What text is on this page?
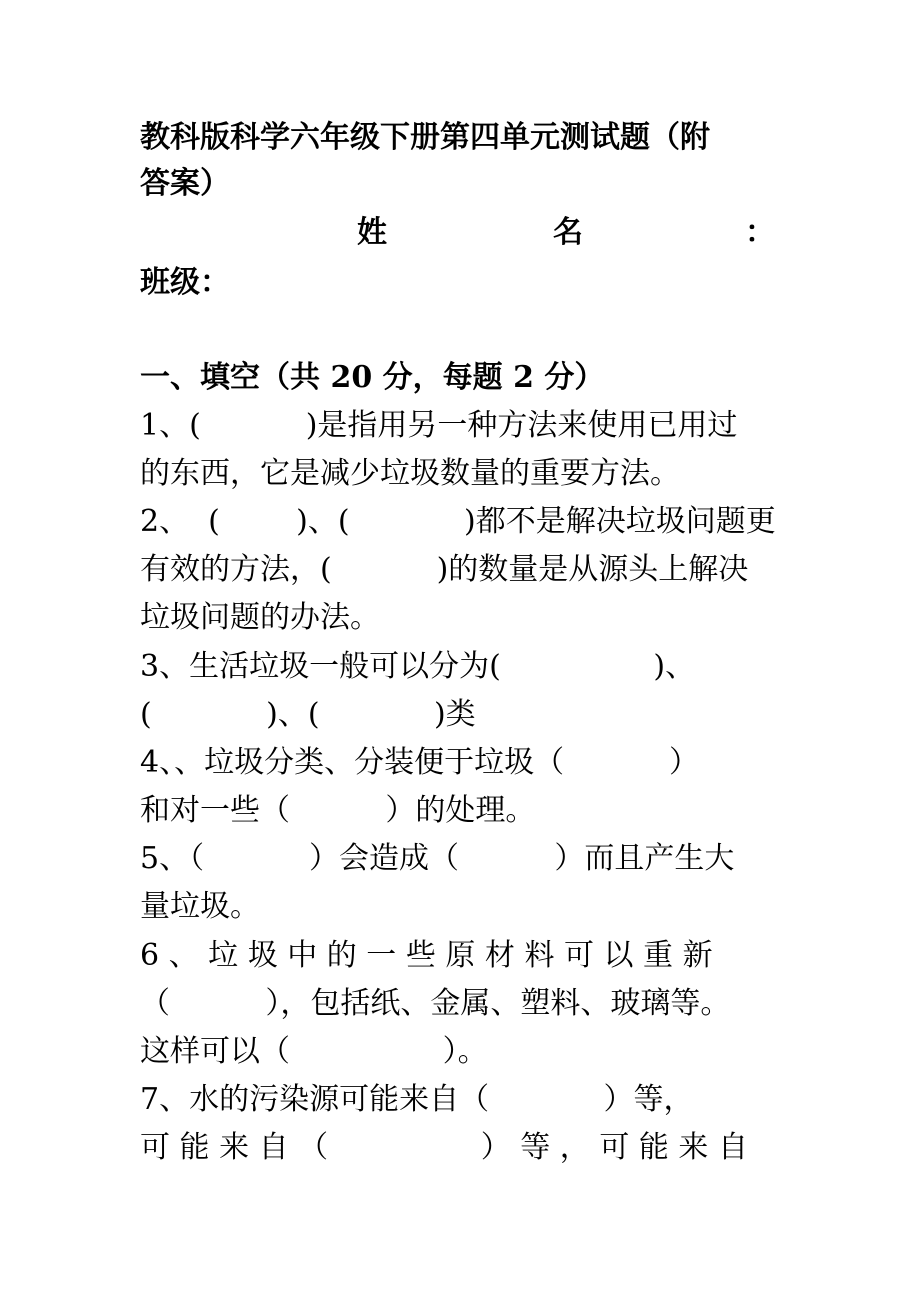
教科版科学六年级下册第四单元测试题（附
答案）
姓	名	：
班级：
一、填空（共 20 分，每题 2 分）
1、(           )是指用另一种方法来使用已用过
的东西，它是减少垃圾数量的重要方法。
2、  (        )、(            )都不是解决垃圾问题更
有效的方法，(           )的数量是从源头上解决
垃圾问题的办法。
3、生活垃圾一般可以分为(                )、
(            )、(            )类
4、、垃圾分类、分装便于垃圾（           ）
和对一些（          ）的处理。
5、（           ）会造成（          ）而且产生大
量垃圾。
6 、 垃 圾 中 的 一 些 原 材 料 可 以 重 新
（          ），包括纸、金属、塑料、玻璃等。
这样可以（                ）。
7、水的污染源可能来自（            ）等，
可 能 来 自 （                ） 等 ， 可 能 来 自
